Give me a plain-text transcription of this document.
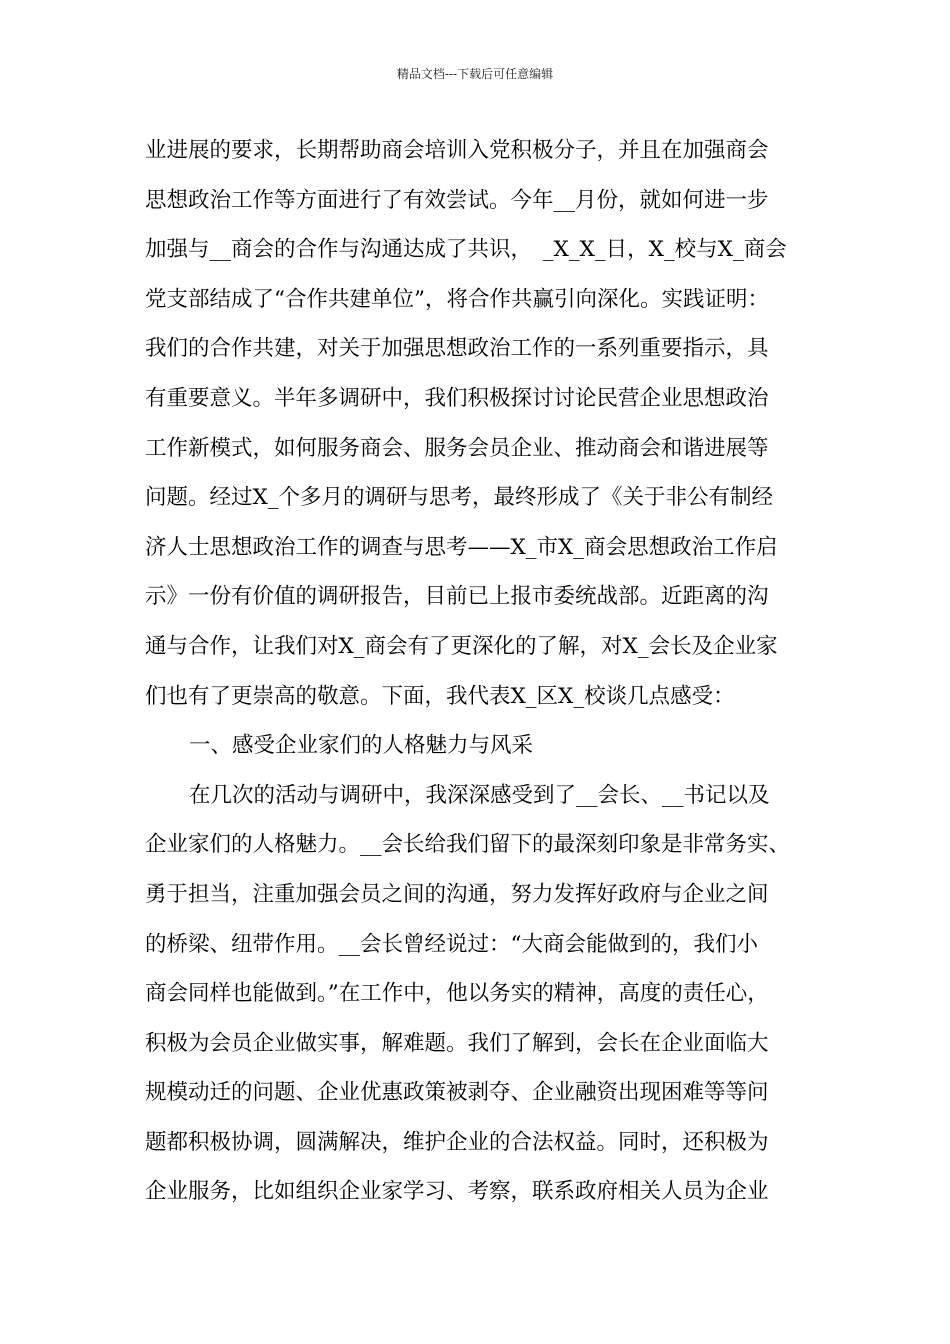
精品文档---下载后可任意编辑
业进展的要求，长期帮助商会培训入党积极分子，并且在加强商会
思想政治工作等方面进行了有效尝试。今年__月份，就如何进一步
加强与__商会的合作与沟通达成了共识，　_X_X_日，X_校与X_商会
党支部结成了“合作共建单位”，将合作共赢引向深化。实践证明：
我们的合作共建，对关于加强思想政治工作的一系列重要指示，具
有重要意义。半年多调研中，我们积极探讨讨论民营企业思想政治
工作新模式，如何服务商会、服务会员企业、推动商会和谐进展等
问题。经过X_个多月的调研与思考，最终形成了《关于非公有制经
济人士思想政治工作的调查与思考——X_市X_商会思想政治工作启
示》一份有价值的调研报告，目前已上报市委统战部。近距离的沟
通与合作，让我们对X_商会有了更深化的了解，对X_会长及企业家
们也有了更崇高的敬意。下面，我代表X_区X_校谈几点感受：
一、感受企业家们的人格魅力与风采
在几次的活动与调研中，我深深感受到了__会长、__书记以及
企业家们的人格魅力。__会长给我们留下的最深刻印象是非常务实、
勇于担当，注重加强会员之间的沟通，努力发挥好政府与企业之间
的桥梁、纽带作用。__会长曾经说过：“大商会能做到的，我们小
商会同样也能做到。”在工作中，他以务实的精神，高度的责任心，
积极为会员企业做实事，解难题。我们了解到，会长在企业面临大
规模动迁的问题、企业优惠政策被剥夺、企业融资出现困难等等问
题都积极协调，圆满解决，维护企业的合法权益。同时，还积极为
企业服务，比如组织企业家学习、考察，联系政府相关人员为企业
